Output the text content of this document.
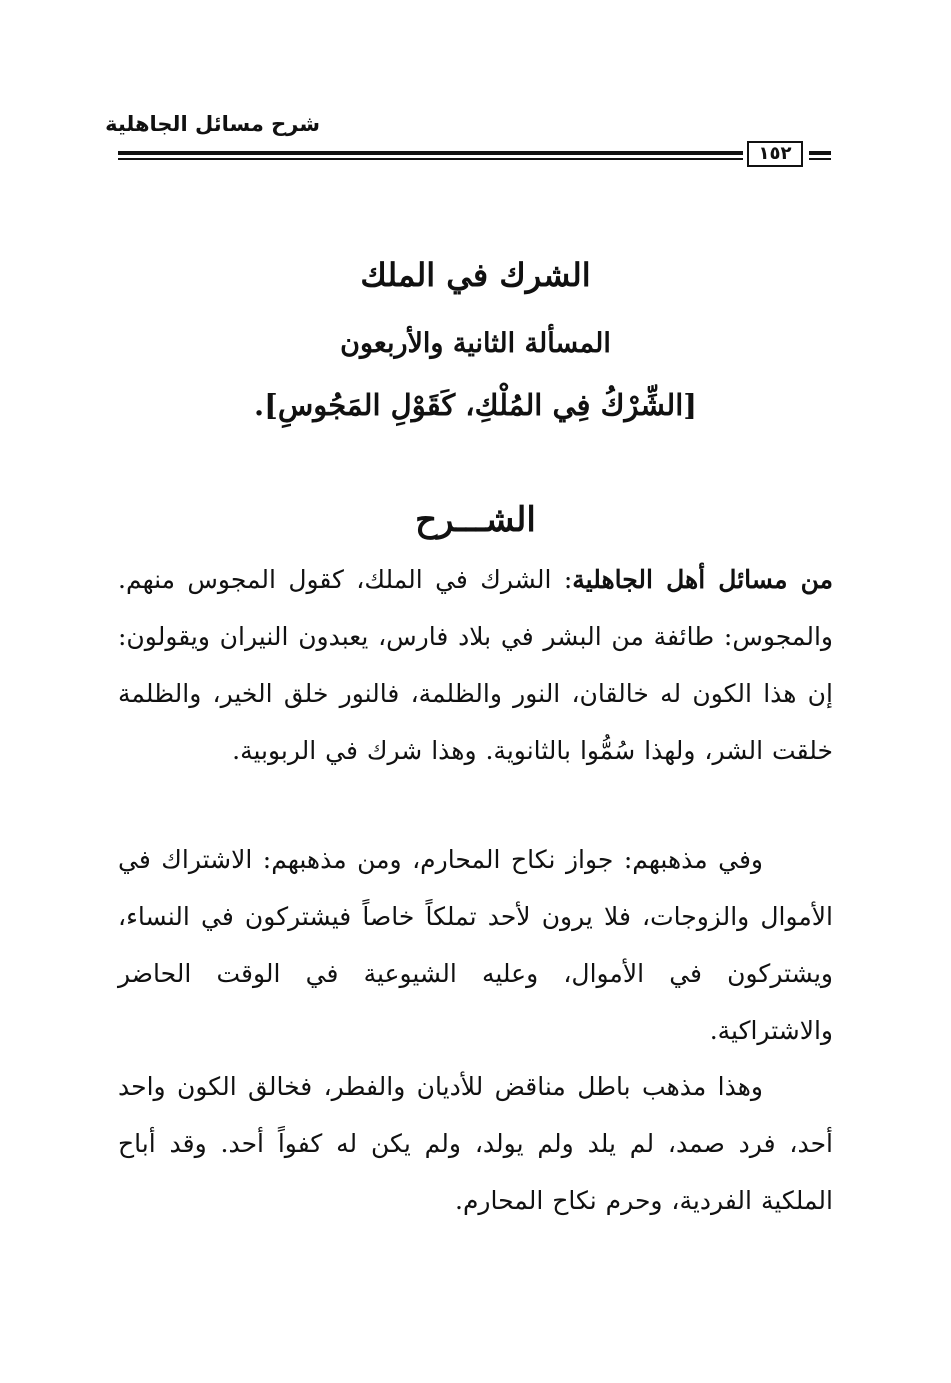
شرح مسائل الجاهلية
١٥٢
الشرك في الملك
المسألة الثانية والأربعون
[الشِّرْكُ فِي المُلْكِ، كَقَوْلِ المَجُوسِ].
الشـــرح
من مسائل أهل الجاهلية: الشرك في الملك، كقول المجوس منهم. والمجوس: طائفة من البشر في بلاد فارس، يعبدون النيران ويقولون: إن هذا الكون له خالقان، النور والظلمة، فالنور خلق الخير، والظلمة خلقت الشر، ولهذا سُمُّوا بالثانوية. وهذا شرك في الربوبية.
وفي مذهبهم: جواز نكاح المحارم، ومن مذهبهم: الاشتراك في الأموال والزوجات، فلا يرون لأحد تملكاً خاصاً فيشتركون في النساء، ويشتركون في الأموال، وعليه الشيوعية في الوقت الحاضر والاشتراكية.
وهذا مذهب باطل مناقض للأديان والفطر، فخالق الكون واحد أحد، فرد صمد، لم يلد ولم يولد، ولم يكن له كفواً أحد. وقد أباح الملكية الفردية، وحرم نكاح المحارم.
